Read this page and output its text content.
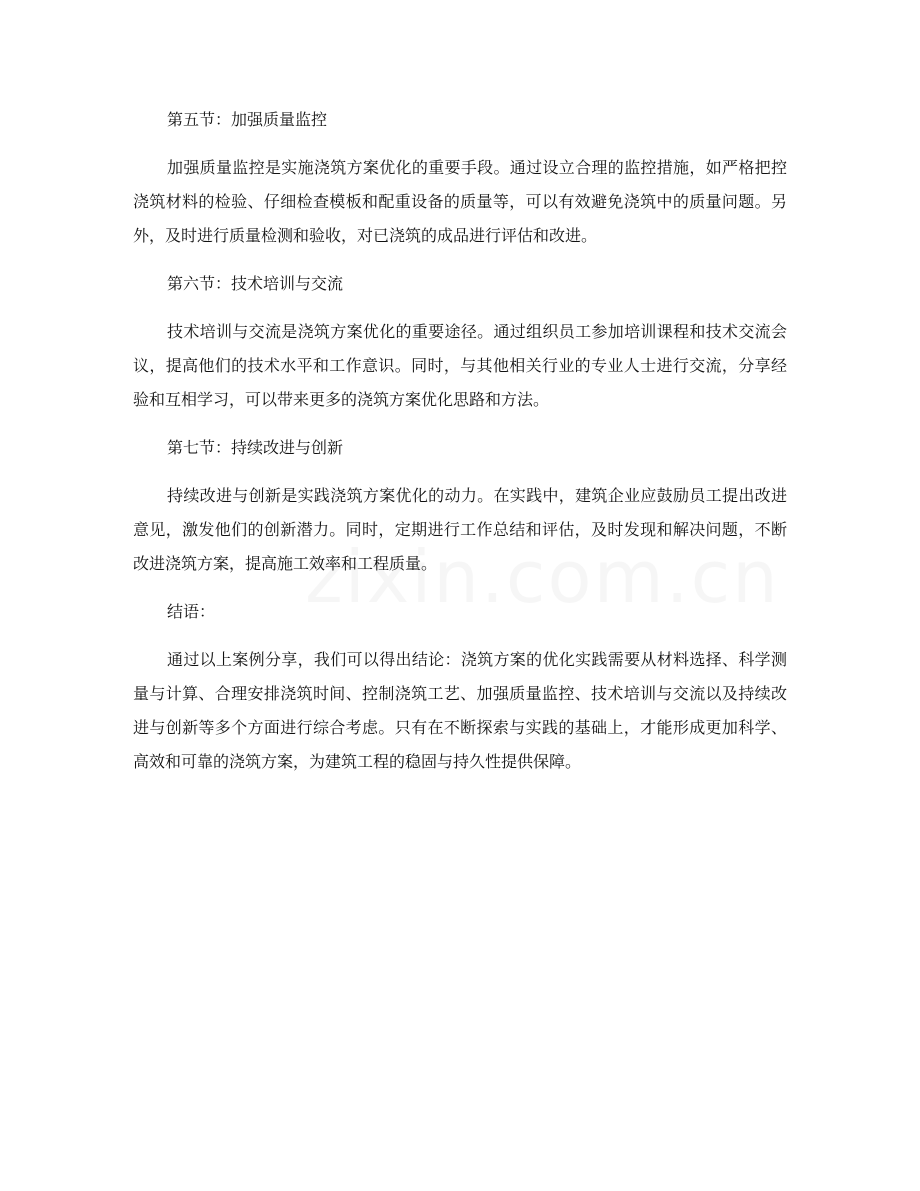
第五节：加强质量监控

加强质量监控是实施浇筑方案优化的重要手段。通过设立合理的监控措施，如严格把控浇筑材料的检验、仔细检查模板和配重设备的质量等，可以有效避免浇筑中的质量问题。另外，及时进行质量检测和验收，对已浇筑的成品进行评估和改进。

第六节：技术培训与交流

技术培训与交流是浇筑方案优化的重要途径。通过组织员工参加培训课程和技术交流会议，提高他们的技术水平和工作意识。同时，与其他相关行业的专业人士进行交流，分享经验和互相学习，可以带来更多的浇筑方案优化思路和方法。

第七节：持续改进与创新

持续改进与创新是实践浇筑方案优化的动力。在实践中，建筑企业应鼓励员工提出改进意见，激发他们的创新潜力。同时，定期进行工作总结和评估，及时发现和解决问题，不断改进浇筑方案，提高施工效率和工程质量。

结语：

通过以上案例分享，我们可以得出结论：浇筑方案的优化实践需要从材料选择、科学测量与计算、合理安排浇筑时间、控制浇筑工艺、加强质量监控、技术培训与交流以及持续改进与创新等多个方面进行综合考虑。只有在不断探索与实践的基础上，才能形成更加科学、高效和可靠的浇筑方案，为建筑工程的稳固与持久性提供保障。
